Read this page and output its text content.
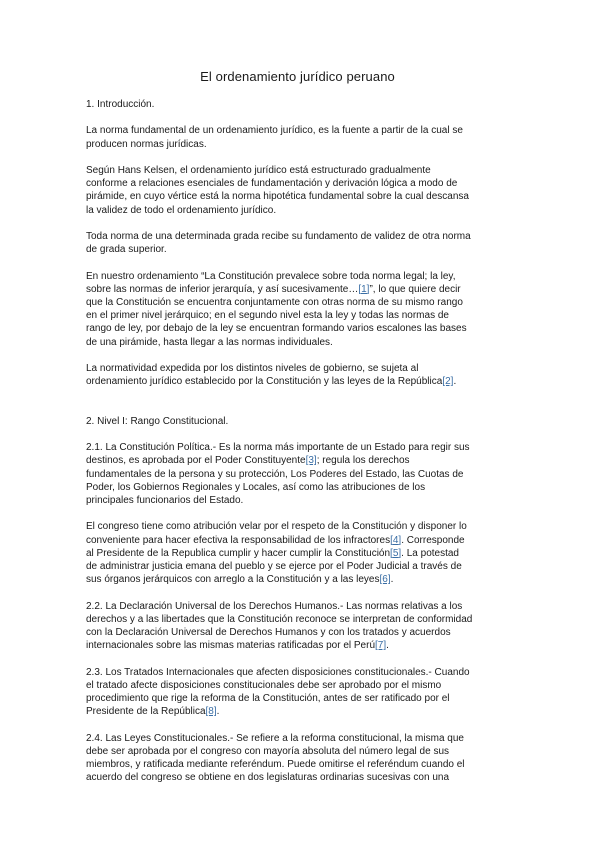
El ordenamiento jurídico peruano
1. Introducción.
La norma fundamental de un ordenamiento jurídico, es la fuente a partir de la cual se
producen normas jurídicas.
Según Hans Kelsen, el ordenamiento jurídico está estructurado gradualmente
conforme a relaciones esenciales de fundamentación y derivación lógica a modo de
pirámide, en cuyo vértice está la norma hipotética fundamental sobre la cual descansa
la validez de todo el ordenamiento jurídico.
Toda norma de una determinada grada recibe su fundamento de validez de otra norma
de grada superior.
En nuestro ordenamiento “La Constitución prevalece sobre toda norma legal; la ley,
sobre las normas de inferior jerarquía, y así sucesivamente…[1]”, lo que quiere decir
que la Constitución se encuentra conjuntamente con otras norma de su mismo rango
en el primer nivel jerárquico; en el segundo nivel esta la ley y todas las normas de
rango de ley, por debajo de la ley se encuentran formando varios escalones las bases
de una pirámide, hasta llegar a las normas individuales.
La normatividad expedida por los distintos niveles de gobierno, se sujeta al
ordenamiento jurídico establecido por la Constitución y las leyes de la República[2].
2. Nivel I: Rango Constitucional.
2.1. La Constitución Política.- Es la norma más importante de un Estado para regir sus
destinos, es aprobada por el Poder Constituyente[3]; regula los derechos
fundamentales de la persona y su protección, Los Poderes del Estado, las Cuotas de
Poder, los Gobiernos Regionales y Locales, así como las atribuciones de los
principales funcionarios del Estado.
El congreso tiene como atribución velar por el respeto de la Constitución y disponer lo
conveniente para hacer efectiva la responsabilidad de los infractores[4]. Corresponde
al Presidente de la Republica cumplir y hacer cumplir la Constitución[5]. La potestad
de administrar justicia emana del pueblo y se ejerce por el Poder Judicial a través de
sus órganos jerárquicos con arreglo a la Constitución y a las leyes[6].
2.2. La Declaración Universal de los Derechos Humanos.- Las normas relativas a los
derechos y a las libertades que la Constitución reconoce se interpretan de conformidad
con la Declaración Universal de Derechos Humanos y con los tratados y acuerdos
internacionales sobre las mismas materias ratificadas por el Perú[7].
2.3. Los Tratados Internacionales que afecten disposiciones constitucionales.- Cuando
el tratado afecte disposiciones constitucionales debe ser aprobado por el mismo
procedimiento que rige la reforma de la Constitución, antes de ser ratificado por el
Presidente de la República[8].
2.4. Las Leyes Constitucionales.- Se refiere a la reforma constitucional, la misma que
debe ser aprobada por el congreso con mayoría absoluta del número legal de sus
miembros, y ratificada mediante referéndum. Puede omitirse el referéndum cuando el
acuerdo del congreso se obtiene en dos legislaturas ordinarias sucesivas con una
